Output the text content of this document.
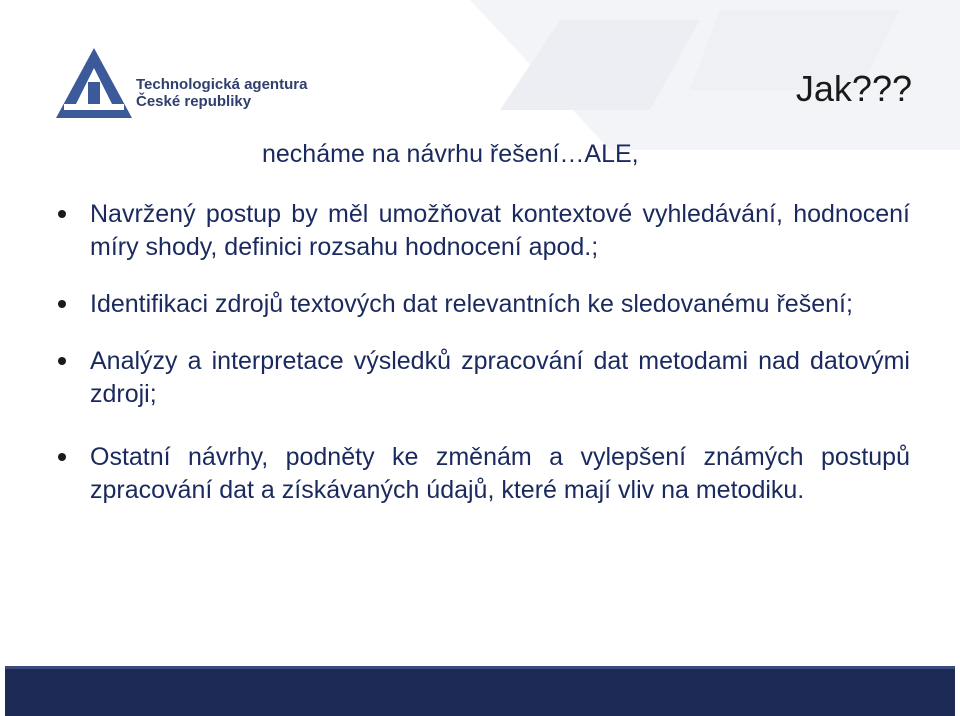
Technologická agentura
České republiky	Jak???
necháme na návrhu řešení…ALE,
Navržený postup by měl umožňovat kontextové vyhledávání, hodnocení míry shody, definici rozsahu hodnocení apod.;
Identifikaci zdrojů textových dat relevantních ke sledovanému řešení;
Analýzy a interpretace výsledků zpracování dat metodami nad datovými zdroji;
Ostatní návrhy, podněty ke změnám a vylepšení známých postupů zpracování dat a získávaných údajů, které mají vliv na metodiku.
